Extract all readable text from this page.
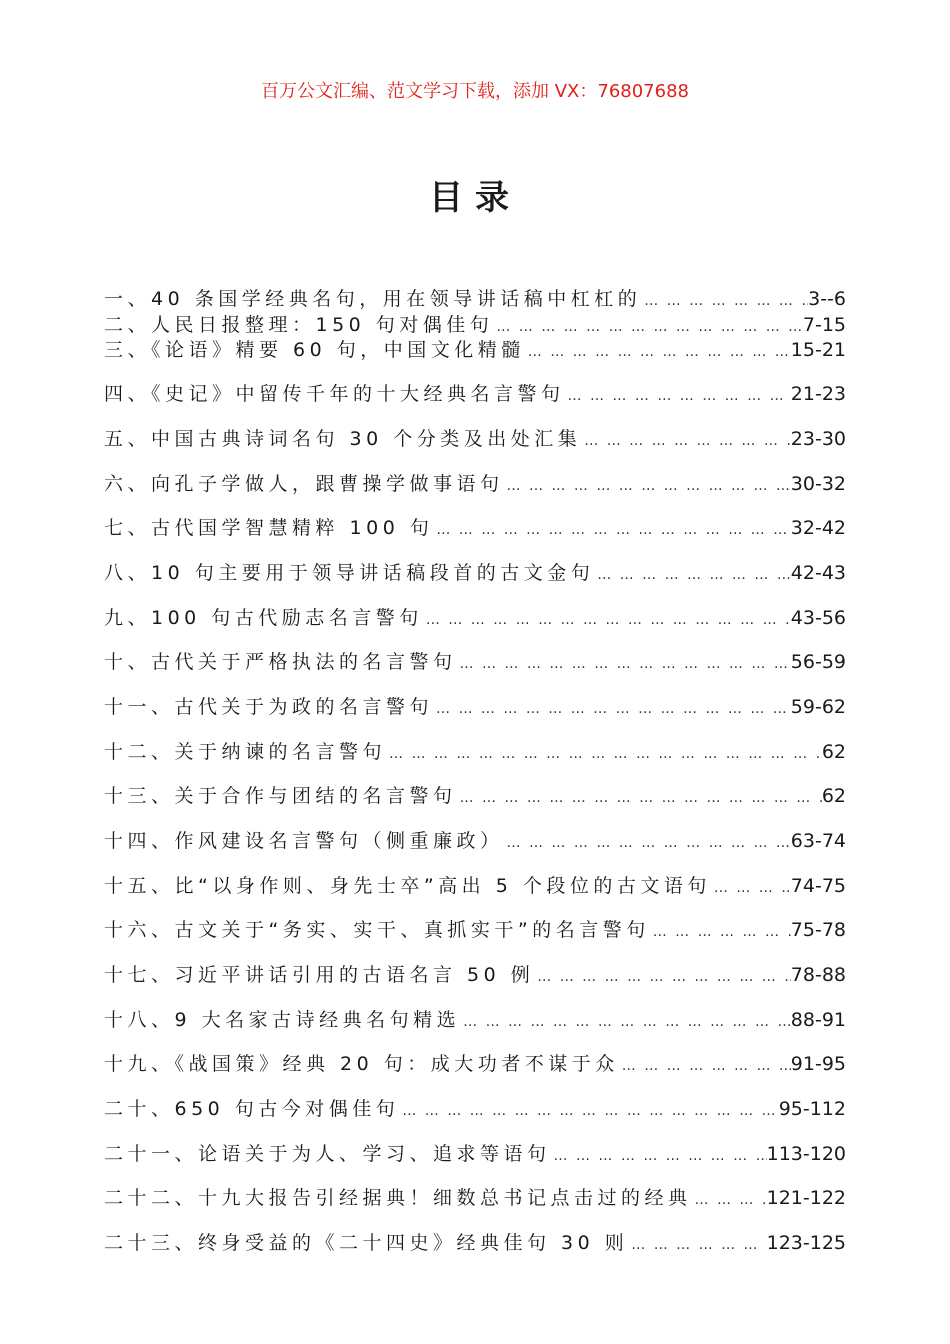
百万公文汇编、范文学习下载，添加 VX：76807688
目录
一、40 条国学经典名句，用在领导讲话稿中杠杠的 … … … … … … … … … … … … … … … … … … … … … … … … … … … … … … … … … … … … … … … …	3--6
二、人民日报整理：150 句对偶佳句 … … … … … … … … … … … … … … … … … … … … … … … … … … … … … … … … … … … … … … … …	7-15
三、《论语》精要 60 句，中国文化精髓 … … … … … … … … … … … … … … … … … … … … … … … … … … … … … … … … … … … … … … … …	15-21
四、《史记》中留传千年的十大经典名言警句 … … … … … … … … … … … … … … … … … … … … … … … … … … … … … … … … … … … … … … … …	21-23
五、中国古典诗词名句 30 个分类及出处汇集 … … … … … … … … … … … … … … … … … … … … … … … … … … … … … … … … … … … … … … … …	23-30
六、向孔子学做人，跟曹操学做事语句 … … … … … … … … … … … … … … … … … … … … … … … … … … … … … … … … … … … … … … … …	30-32
七、古代国学智慧精粹 100 句 … … … … … … … … … … … … … … … … … … … … … … … … … … … … … … … … … … … … … … … …	32-42
八、10 句主要用于领导讲话稿段首的古文金句 … … … … … … … … … … … … … … … … … … … … … … … … … … … … … … … … … … … … … … … …	42-43
九、100 句古代励志名言警句 … … … … … … … … … … … … … … … … … … … … … … … … … … … … … … … … … … … … … … … …	43-56
十、古代关于严格执法的名言警句 … … … … … … … … … … … … … … … … … … … … … … … … … … … … … … … … … … … … … … … …	56-59
十一、古代关于为政的名言警句 … … … … … … … … … … … … … … … … … … … … … … … … … … … … … … … … … … … … … … … …	59-62
十二、关于纳谏的名言警句 … … … … … … … … … … … … … … … … … … … … … … … … … … … … … … … … … … … … … … … …	62
十三、关于合作与团结的名言警句 … … … … … … … … … … … … … … … … … … … … … … … … … … … … … … … … … … … … … … … …	62
十四、作风建设名言警句（侧重廉政） … … … … … … … … … … … … … … … … … … … … … … … … … … … … … … … … … … … … … … … …	63-74
十五、比“以身作则、身先士卒”高出 5 个段位的古文语句 … … … … … … … … … … … … … … … … … … … … … … … … … … … … … … … … … … … … … … … …	74-75
十六、古文关于“务实、实干、真抓实干”的名言警句 … … … … … … … … … … … … … … … … … … … … … … … … … … … … … … … … … … … … … … … …	75-78
十七、习近平讲话引用的古语名言 50 例 … … … … … … … … … … … … … … … … … … … … … … … … … … … … … … … … … … … … … … … …	78-88
十八、9 大名家古诗经典名句精选 … … … … … … … … … … … … … … … … … … … … … … … … … … … … … … … … … … … … … … … …	88-91
十九、《战国策》经典 20 句：成大功者不谋于众 … … … … … … … … … … … … … … … … … … … … … … … … … … … … … … … … … … … … … … … …	91-95
二十、650 句古今对偶佳句 … … … … … … … … … … … … … … … … … … … … … … … … … … … … … … … … … … … … … … … …	95-112
二十一、论语关于为人、学习、追求等语句 … … … … … … … … … … … … … … … … … … … … … … … … … … … … … … … … … … … … … … … …	113-120
二十二、十九大报告引经据典！细数总书记点击过的经典 … … … … … … … … … … … … … … … … … … … … … … … … … … … … … … … … … … … … … … … …	121-122
二十三、终身受益的《二十四史》经典佳句 30 则 … … … … … … … … … … … … … … … … … … … … … … … … … … … … … … … … … … … … … … … …	123-125
